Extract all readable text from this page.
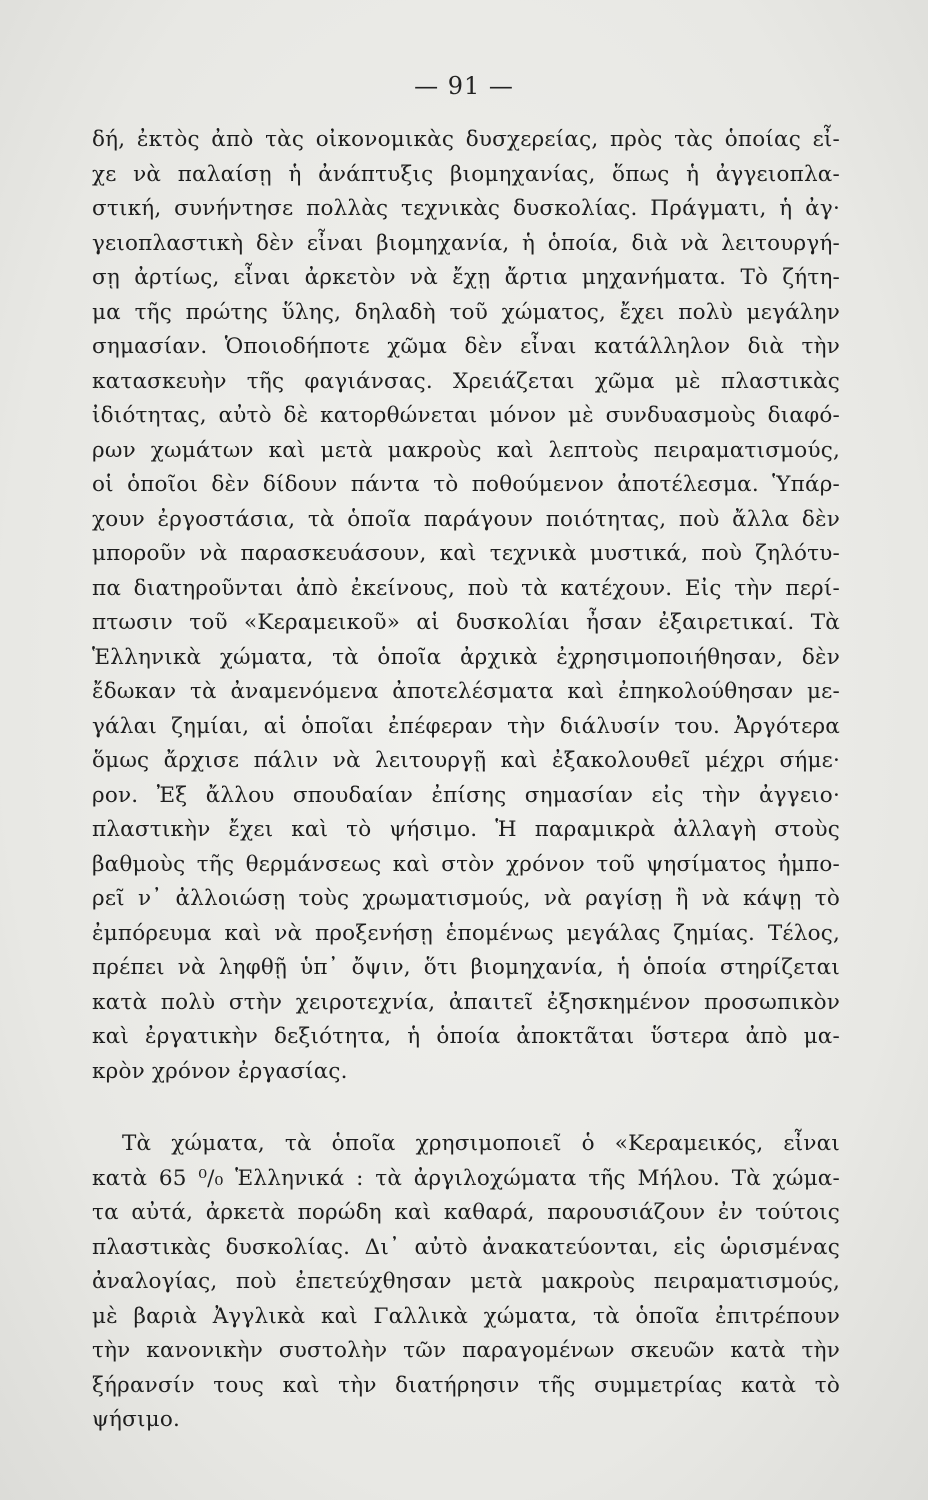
— 91 —
δή, ἐκτὸς ἀπὸ τὰς οἰκονομικὰς δυσχερείας, πρὸς τὰς ὁποίας εἶ-
χε νὰ παλαίσῃ ἡ ἀνάπτυξις βιομηχανίας, ὅπως ἡ ἀγγειοπλα-
στική, συνήντησε πολλὰς τεχνικὰς δυσκολίας. Πράγματι, ἡ ἀγ·
γειοπλαστικὴ δὲν εἶναι βιομηχανία, ἡ ὁποία, διὰ νὰ λειτουργή-
σῃ ἀρτίως, εἶναι ἀρκετὸν νὰ ἔχῃ ἄρτια μηχανήματα. Τὸ ζήτη-
μα τῆς πρώτης ὕλης, δηλαδὴ τοῦ χώματος, ἔχει πολὺ μεγάλην
σημασίαν. Ὁποιοδήποτε χῶμα δὲν εἶναι κατάλληλον διὰ τὴν
κατασκευὴν τῆς φαγιάνσας. Χρειάζεται χῶμα μὲ πλαστικὰς
ἰδιότητας, αὐτὸ δὲ κατορθώνεται μόνον μὲ συνδυασμοὺς διαφό-
ρων χωμάτων καὶ μετὰ μακροὺς καὶ λεπτοὺς πειραματισμούς,
οἱ ὁποῖοι δὲν δίδουν πάντα τὸ ποθούμενον ἀποτέλεσμα. Ὑπάρ-
χουν ἐργοστάσια, τὰ ὁποῖα παράγουν ποιότητας, ποὺ ἄλλα δὲν
μποροῦν νὰ παρασκευάσουν, καὶ τεχνικὰ μυστικά, ποὺ ζηλότυ-
πα διατηροῦνται ἀπὸ ἐκείνους, ποὺ τὰ κατέχουν. Εἰς τὴν περί-
πτωσιν τοῦ «Κεραμεικοῦ» αἱ δυσκολίαι ἦσαν ἐξαιρετικαί. Τὰ
Ἑλληνικὰ χώματα, τὰ ὁποῖα ἀρχικὰ ἐχρησιμοποιήθησαν, δὲν
ἔδωκαν τὰ ἀναμενόμενα ἀποτελέσματα καὶ ἐπηκολούθησαν με-
γάλαι ζημίαι, αἱ ὁποῖαι ἐπέφεραν τὴν διάλυσίν του. Ἀργότερα
ὅμως ἄρχισε πάλιν νὰ λειτουργῇ καὶ ἐξακολουθεῖ μέχρι σήμε·
ρον. Ἐξ ἄλλου σπουδαίαν ἐπίσης σημασίαν εἰς τὴν ἀγγειο·
πλαστικὴν ἔχει καὶ τὸ ψήσιμο. Ἡ παραμικρὰ ἀλλαγὴ στοὺς
βαθμοὺς τῆς θερμάνσεως καὶ στὸν χρόνον τοῦ ψησίματος ἠμπο-
ρεῖ ν᾿ ἀλλοιώσῃ τοὺς χρωματισμούς, νὰ ραγίσῃ ἢ νὰ κάψῃ τὸ
ἐμπόρευμα καὶ νὰ προξενήσῃ ἑπομένως μεγάλας ζημίας. Τέλος,
πρέπει νὰ ληφθῇ ὑπ᾿ ὄψιν, ὅτι βιομηχανία, ἡ ὁποία στηρίζεται
κατὰ πολὺ στὴν χειροτεχνία, ἀπαιτεῖ ἐξησκημένον προσωπικὸν
καὶ ἐργατικὴν δεξιότητα, ἡ ὁποία ἀποκτᾶται ὕστερα ἀπὸ μα-
κρὸν χρόνον ἐργασίας.
Τὰ χώματα, τὰ ὁποῖα χρησιμοποιεῖ ὁ «Κεραμεικός, εἶναι
κατὰ 65 ⁰/₀ Ἑλληνικά : τὰ ἀργιλοχώματα τῆς Μήλου. Τὰ χώμα-
τα αὐτά, ἀρκετὰ πορώδη καὶ καθαρά, παρουσιάζουν ἐν τούτοις
πλαστικὰς δυσκολίας. Δι᾿ αὐτὸ ἀνακατεύονται, εἰς ὡρισμένας
ἀναλογίας, ποὺ ἐπετεύχθησαν μετὰ μακροὺς πειραματισμούς,
μὲ βαριὰ Ἀγγλικὰ καὶ Γαλλικὰ χώματα, τὰ ὁποῖα ἐπιτρέπουν
τὴν κανονικὴν συστολὴν τῶν παραγομένων σκευῶν κατὰ τὴν
ξήρανσίν τους καὶ τὴν διατήρησιν τῆς συμμετρίας κατὰ τὸ
ψήσιμο.
